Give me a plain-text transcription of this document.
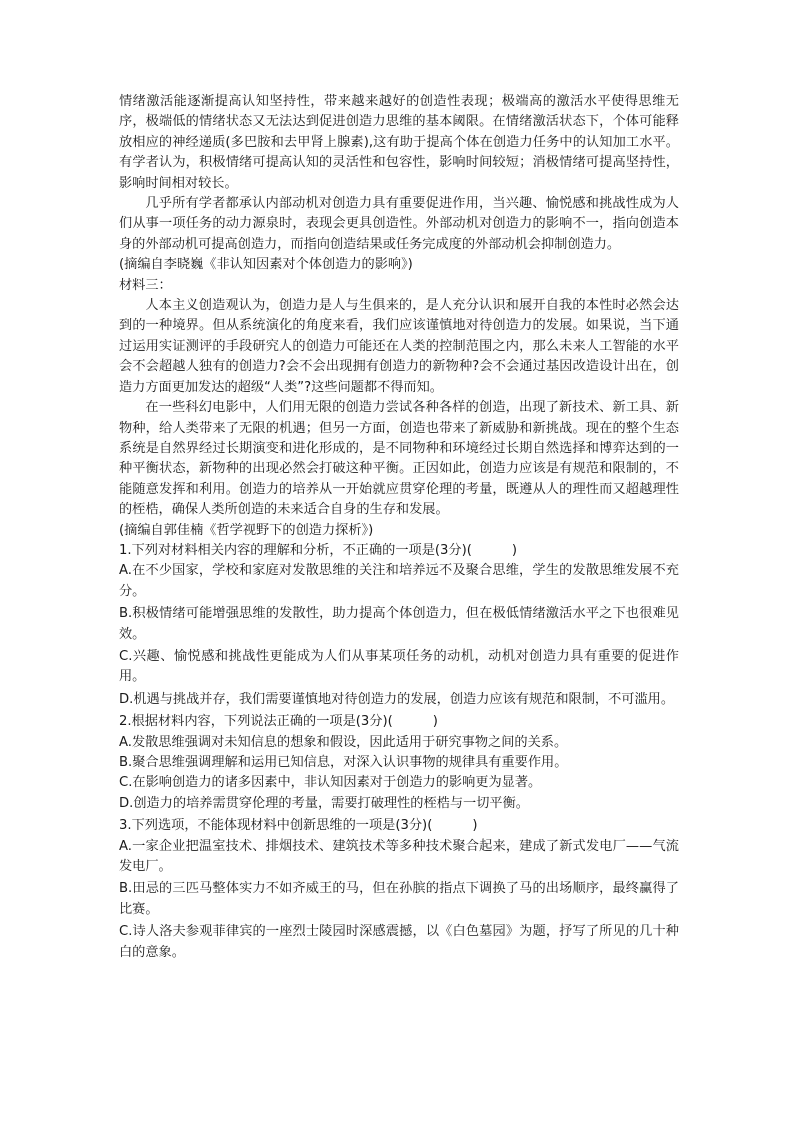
情绪激活能逐渐提高认知坚持性，带来越来越好的创造性表现；极端高的激活水平使得思维无序，极端低的情绪状态又无法达到促进创造力思维的基本阈限。在情绪激活状态下，个体可能释放相应的神经递质(多巴胺和去甲肾上腺素),这有助于提高个体在创造力任务中的认知加工水平。有学者认为，积极情绪可提高认知的灵活性和包容性，影响时间较短；消极情绪可提高坚持性，影响时间相对较长。

几乎所有学者都承认内部动机对创造力具有重要促进作用，当兴趣、愉悦感和挑战性成为人们从事一项任务的动力源泉时，表现会更具创造性。外部动机对创造力的影响不一，指向创造本身的外部动机可提高创造力，而指向创造结果或任务完成度的外部动机会抑制创造力。

(摘编自李晓巍《非认知因素对个体创造力的影响》)

材料三：

人本主义创造观认为，创造力是人与生俱来的，是人充分认识和展开自我的本性时必然会达到的一种境界。但从系统演化的角度来看，我们应该谨慎地对待创造力的发展。如果说，当下通过运用实证测评的手段研究人的创造力可能还在人类的控制范围之内，那么未来人工智能的水平会不会超越人独有的创造力?会不会出现拥有创造力的新物种?会不会通过基因改造设计出在，创造力方面更加发达的超级“人类”?这些问题都不得而知。

在一些科幻电影中，人们用无限的创造力尝试各种各样的创造，出现了新技术、新工具、新物种，给人类带来了无限的机遇；但另一方面，创造也带来了新威胁和新挑战。现在的整个生态系统是自然界经过长期演变和进化形成的，是不同物种和环境经过长期自然选择和博弈达到的一种平衡状态，新物种的出现必然会打破这种平衡。正因如此，创造力应该是有规范和限制的，不能随意发挥和利用。创造力的培养从一开始就应贯穿伦理的考量，既遵从人的理性而又超越理性的桎梏，确保人类所创造的未来适合自身的生存和发展。

(摘编自郭佳楠《哲学视野下的创造力探析》)

1.下列对材料相关内容的理解和分析，不正确的一项是(3分)(	)

A.在不少国家，学校和家庭对发散思维的关注和培养远不及聚合思维，学生的发散思维发展不充分。

B.积极情绪可能增强思维的发散性，助力提高个体创造力，但在极低情绪激活水平之下也很难见效。

C.兴趣、愉悦感和挑战性更能成为人们从事某项任务的动机，动机对创造力具有重要的促进作用。

D.机遇与挑战并存，我们需要谨慎地对待创造力的发展，创造力应该有规范和限制，不可滥用。

2.根据材料内容，下列说法正确的一项是(3分)(	)

A.发散思维强调对未知信息的想象和假设，因此适用于研究事物之间的关系。

B.聚合思维强调理解和运用已知信息，对深入认识事物的规律具有重要作用。

C.在影响创造力的诸多因素中，非认知因素对于创造力的影响更为显著。

D.创造力的培养需贯穿伦理的考量，需要打破理性的桎梏与一切平衡。

3.下列选项，不能体现材料中创新思维的一项是(3分)(	)

A.一家企业把温室技术、排烟技术、建筑技术等多种技术聚合起来，建成了新式发电厂——气流发电厂。

B.田忌的三匹马整体实力不如齐威王的马，但在孙膑的指点下调换了马的出场顺序，最终赢得了比赛。

C.诗人洛夫参观菲律宾的一座烈士陵园时深感震撼，以《白色墓园》为题，抒写了所见的几十种白的意象。
